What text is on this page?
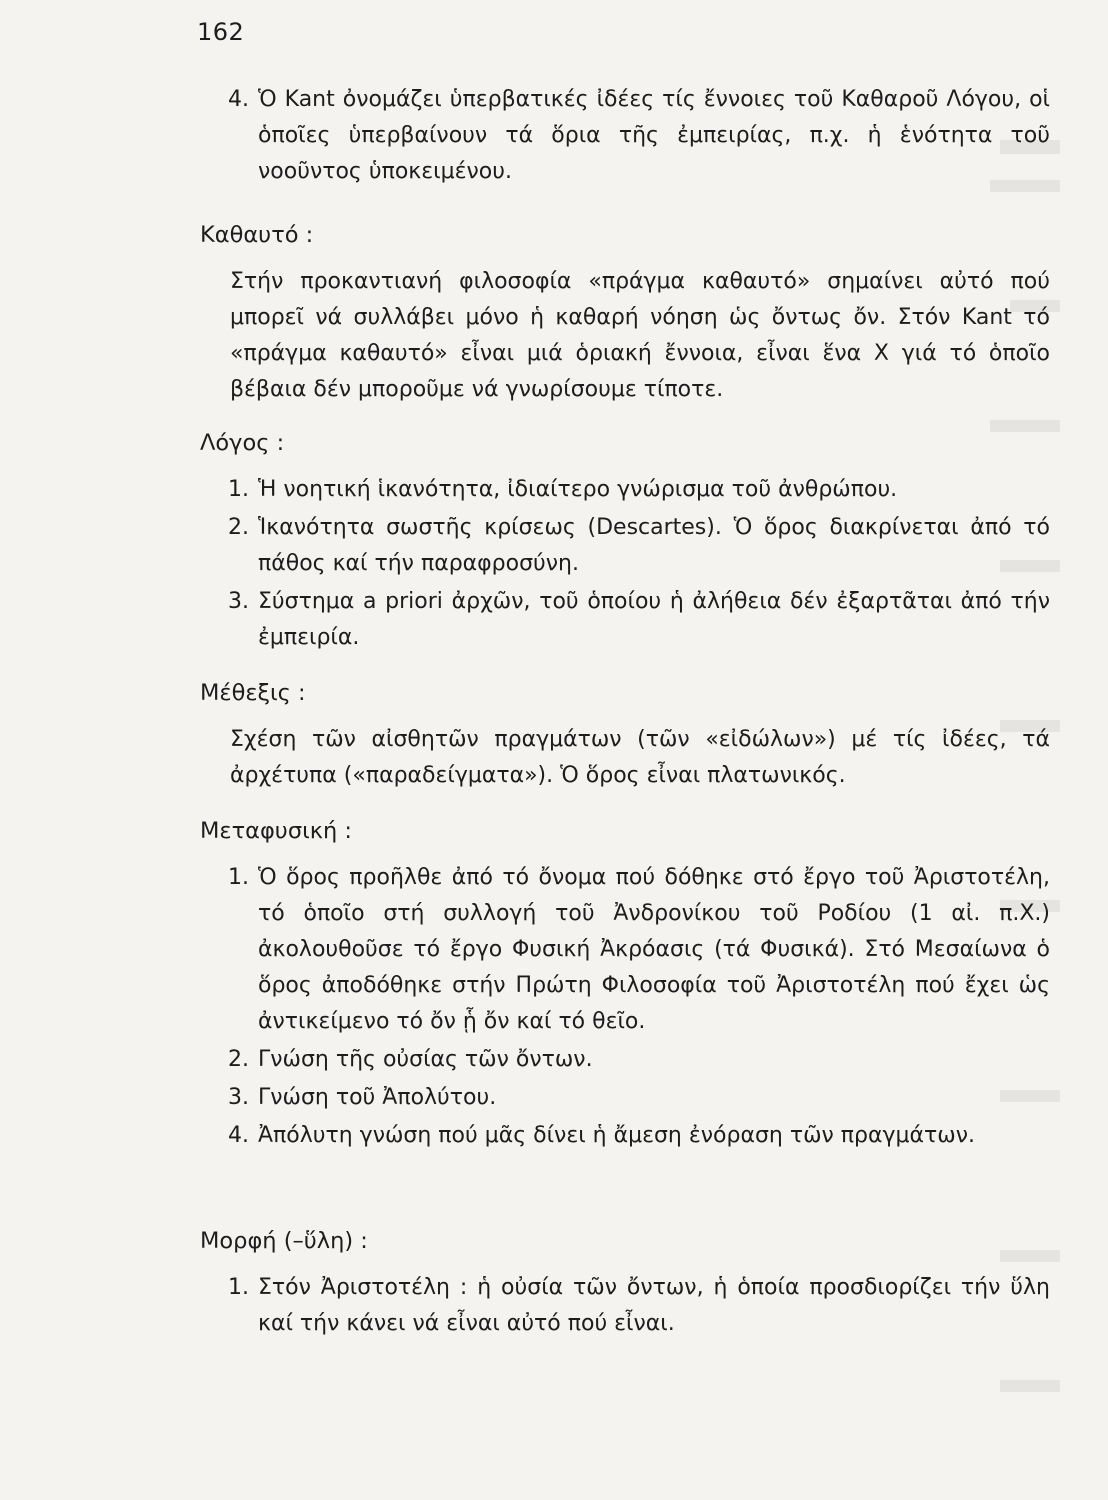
162
4. Ὁ Kant ὀνομάζει ὑπερβατικές ἰδέες τίς ἔννοιες τοῦ Καθαροῦ Λόγου, οἱ ὁποῖες ὑπερβαίνουν τά ὅρια τῆς ἐμπειρίας, π.χ. ἡ ἑνότητα τοῦ νοοῦντος ὑποκειμένου.
Καθαυτό :
Στήν προκαντιανή φιλοσοφία «πράγμα καθαυτό» σημαίνει αὐτό πού μπορεῖ νά συλλάβει μόνο ἡ καθαρή νόηση ὡς ὄντως ὄν. Στόν Kant τό «πράγμα καθαυτό» εἶναι μιά ὁριακή ἔννοια, εἶναι ἕνα Χ γιά τό ὁποῖο βέβαια δέν μποροῦμε νά γνωρίσουμε τίποτε.
Λόγος :
1. Ἡ νοητική ἱκανότητα, ἰδιαίτερο γνώρισμα τοῦ ἀνθρώπου.
2. Ἱκανότητα σωστῆς κρίσεως (Descartes). Ὁ ὅρος διακρίνεται ἀπό τό πάθος καί τήν παραφροσύνη.
3. Σύστημα a priori ἀρχῶν, τοῦ ὁποίου ἡ ἀλήθεια δέν ἐξαρτᾶται ἀπό τήν ἐμπειρία.
Μέθεξις :
Σχέση τῶν αἰσθητῶν πραγμάτων (τῶν «εἰδώλων») μέ τίς ἰδέες, τά ἀρχέτυπα («παραδείγματα»). Ὁ ὅρος εἶναι πλατωνικός.
Μεταφυσική :
1. Ὁ ὅρος προῆλθε ἀπό τό ὄνομα πού δόθηκε στό ἔργο τοῦ Ἀριστοτέλη, τό ὁποῖο στή συλλογή τοῦ Ἀνδρονίκου τοῦ Ροδίου (1 αἰ. π.Χ.) ἀκολουθοῦσε τό ἔργο Φυσική Ἀκρόασις (τά Φυσικά). Στό Μεσαίωνα ὁ ὅρος ἀποδόθηκε στήν Πρώτη Φιλοσοφία τοῦ Ἀριστοτέλη πού ἔχει ὡς ἀντικείμενο τό ὄν ᾗ ὄν καί τό θεῖο.
2. Γνώση τῆς οὐσίας τῶν ὄντων.
3. Γνώση τοῦ Ἀπολύτου.
4. Ἀπόλυτη γνώση πού μᾶς δίνει ἡ ἄμεση ἐνόραση τῶν πραγμάτων.
Μορφή (–ὕλη) :
1. Στόν Ἀριστοτέλη : ἡ οὐσία τῶν ὄντων, ἡ ὁποία προσδιορίζει τήν ὕλη καί τήν κάνει νά εἶναι αὐτό πού εἶναι.
